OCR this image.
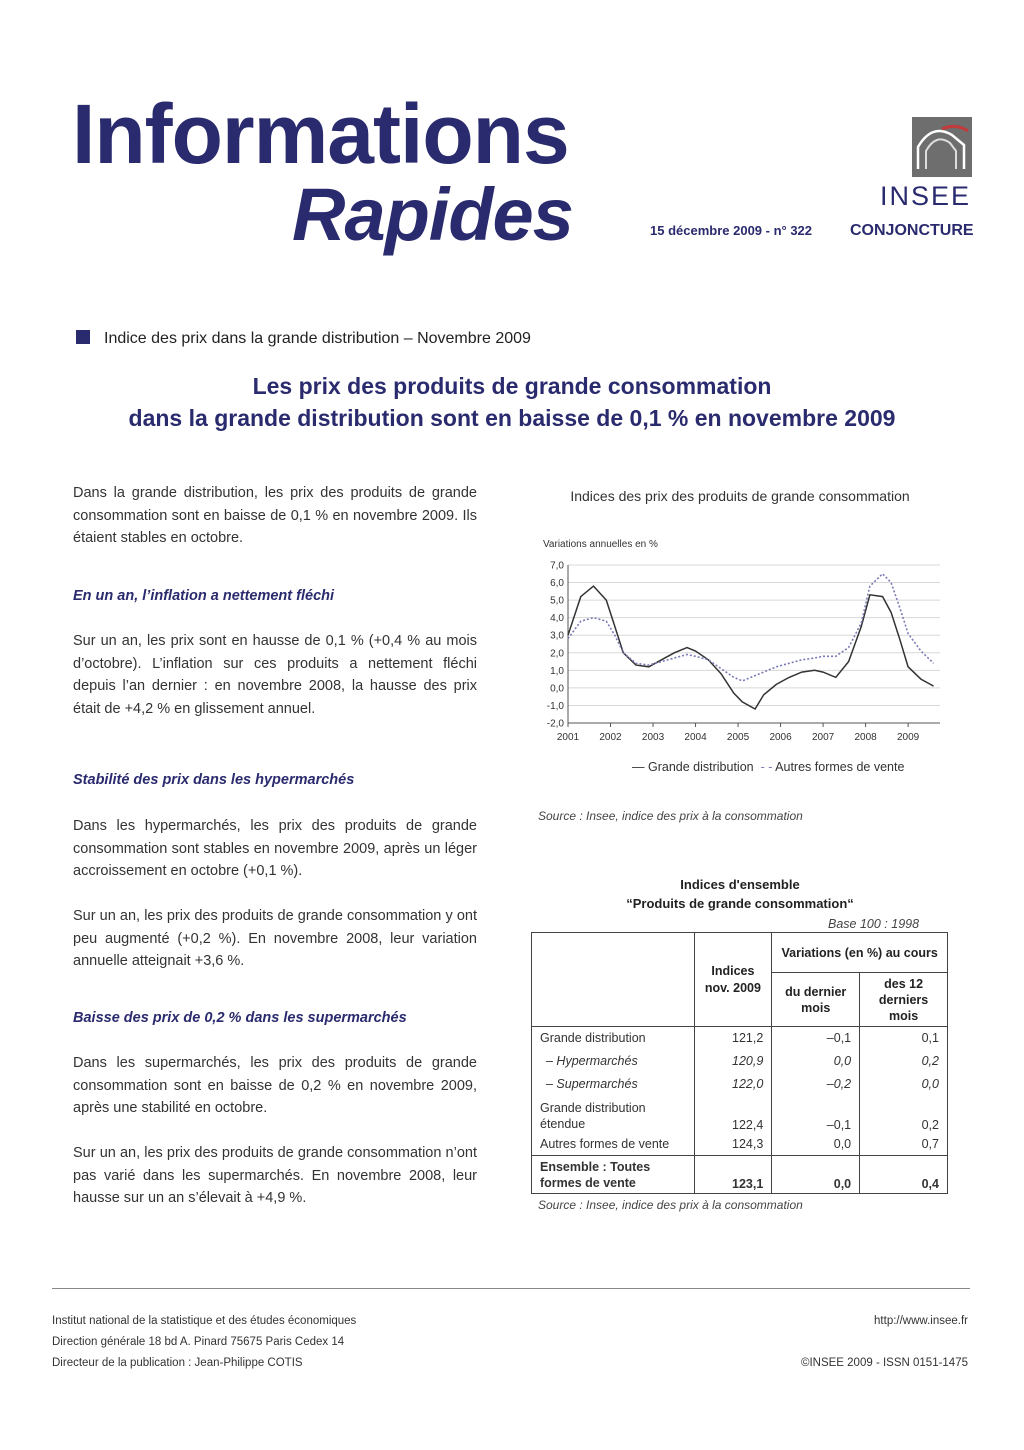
Informations
Rapides	15 décembre 2009 - n° 322
INSEE
CONJONCTURE
Indice des prix dans la grande distribution – Novembre 2009
Les prix des produits de grande consommation
dans la grande distribution sont en baisse de 0,1 % en novembre 2009
Dans la grande distribution, les prix des produits de grande consommation sont en baisse de 0,1 % en novembre 2009. Ils étaient stables en octobre.
En un an, l’inflation a nettement fléchi
Sur un an, les prix sont en hausse de 0,1 % (+0,4 % au mois d’octobre). L’inflation sur ces produits a nettement fléchi depuis l’an dernier : en novembre 2008, la hausse des prix était de +4,2 % en glissement annuel.
Stabilité des prix dans les hypermarchés
Dans les hypermarchés, les prix des produits de grande consommation sont stables en novembre 2009, après un léger accroissement en octobre (+0,1 %).
Sur un an, les prix des produits de grande consommation y ont peu augmenté (+0,2 %). En novembre 2008, leur variation annuelle atteignait +3,6 %.
Baisse des prix de 0,2 % dans les supermarchés
Dans les supermarchés, les prix des produits de grande consommation sont en baisse de 0,2 % en novembre 2009, après une stabilité en octobre.
Sur un an, les prix des produits de grande consommation n’ont pas varié dans les supermarchés. En novembre 2008, leur hausse sur un an s’élevait à +4,9 %.
Indices des prix des produits de grande consommation
Variations annuelles en %
7,0
6,0
5,0
4,0
3,0
2,0
1,0
0,0
-1,0
-2,0
2001 2002 2003 2004 2005 2006 2007 2008 2009
— Grande distribution - - Autres formes de vente
Source : Insee, indice des prix à la consommation
Indices d'ensemble
“Produits de grande consommation“
Base 100 : 1998
	Indices nov. 2009	Variations (en %) au cours	
		du dernier mois	des 12 derniers mois
Grande distribution	121,2	–0,1	0,1
– Hypermarchés	120,9	0,0	0,2
– Supermarchés	122,0	–0,2	0,0
Grande distribution étendue	122,4	–0,1	0,2
Autres formes de vente	124,3	0,0	0,7
Ensemble : Toutes formes de vente	123,1	0,0	0,4
Source : Insee, indice des prix à la consommation
Institut national de la statistique et des études économiques
Direction générale 18 bd A. Pinard 75675 Paris Cedex 14
Directeur de la publication : Jean-Philippe COTIS
http://www.insee.fr
©INSEE 2009 - ISSN 0151-1475
